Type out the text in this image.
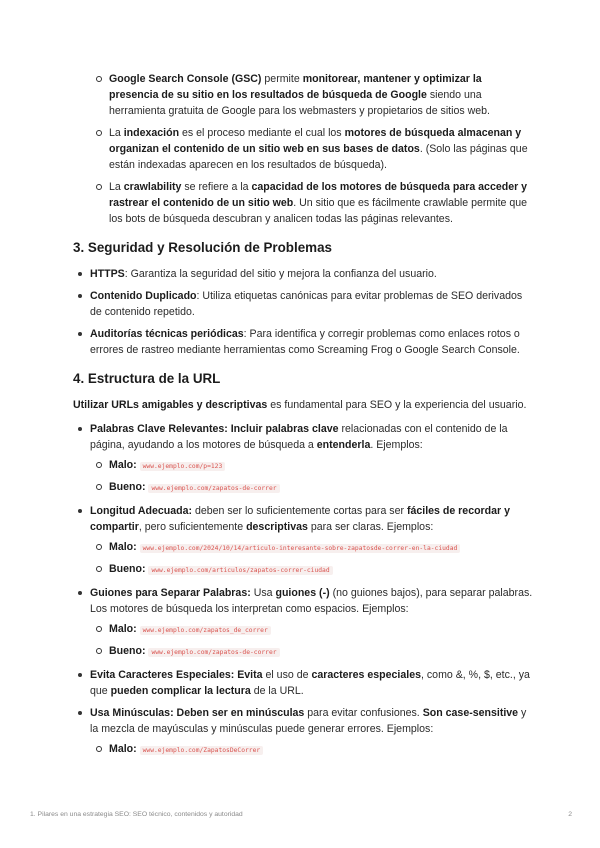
Google Search Console (GSC) permite monitorear, mantener y optimizar la presencia de su sitio en los resultados de búsqueda de Google siendo una herramienta gratuita de Google para los webmasters y propietarios de sitios web.
La indexación es el proceso mediante el cual los motores de búsqueda almacenan y organizan el contenido de un sitio web en sus bases de datos. (Solo las páginas que están indexadas aparecen en los resultados de búsqueda).
La crawlability se refiere a la capacidad de los motores de búsqueda para acceder y rastrear el contenido de un sitio web. Un sitio que es fácilmente crawlable permite que los bots de búsqueda descubran y analicen todas las páginas relevantes.
3. Seguridad y Resolución de Problemas
HTTPS: Garantiza la seguridad del sitio y mejora la confianza del usuario.
Contenido Duplicado: Utiliza etiquetas canónicas para evitar problemas de SEO derivados de contenido repetido.
Auditorías técnicas periódicas: Para identifica y corregir problemas como enlaces rotos o errores de rastreo mediante herramientas como Screaming Frog o Google Search Console.
4. Estructura de la URL

Utilizar URLs amigables y descriptivas es fundamental para SEO y la experiencia del usuario.

Palabras Clave Relevantes: Incluir palabras clave relacionadas con el contenido de la página, ayudando a los motores de búsqueda a entenderla. Ejemplos:
Malo: www.ejemplo.com/p=123
Bueno: www.ejemplo.com/zapatos-de-correr
Longitud Adecuada: deben ser lo suficientemente cortas para ser fáciles de recordar y compartir, pero suficientemente descriptivas para ser claras. Ejemplos:
Malo: www.ejemplo.com/2024/10/14/articulo-interesante-sobre-zapatosde-correr-en-la-ciudad
Bueno: www.ejemplo.com/articulos/zapatos-correr-ciudad
Guiones para Separar Palabras: Usa guiones (-) (no guiones bajos), para separar palabras. Los motores de búsqueda los interpretan como espacios. Ejemplos:
Malo: www.ejemplo.com/zapatos_de_correr
Bueno: www.ejemplo.com/zapatos-de-correr
Evita Caracteres Especiales: Evita el uso de caracteres especiales, como &, %, $, etc., ya que pueden complicar la lectura de la URL.
Usa Minúsculas: Deben ser en minúsculas para evitar confusiones. Son case-sensitive y la mezcla de mayúsculas y minúsculas puede generar errores. Ejemplos:
Malo: www.ejemplo.com/ZapatosDeCorrer
1. Pilares en una estrategia SEO: SEO técnico, contenidos y autoridad	2
